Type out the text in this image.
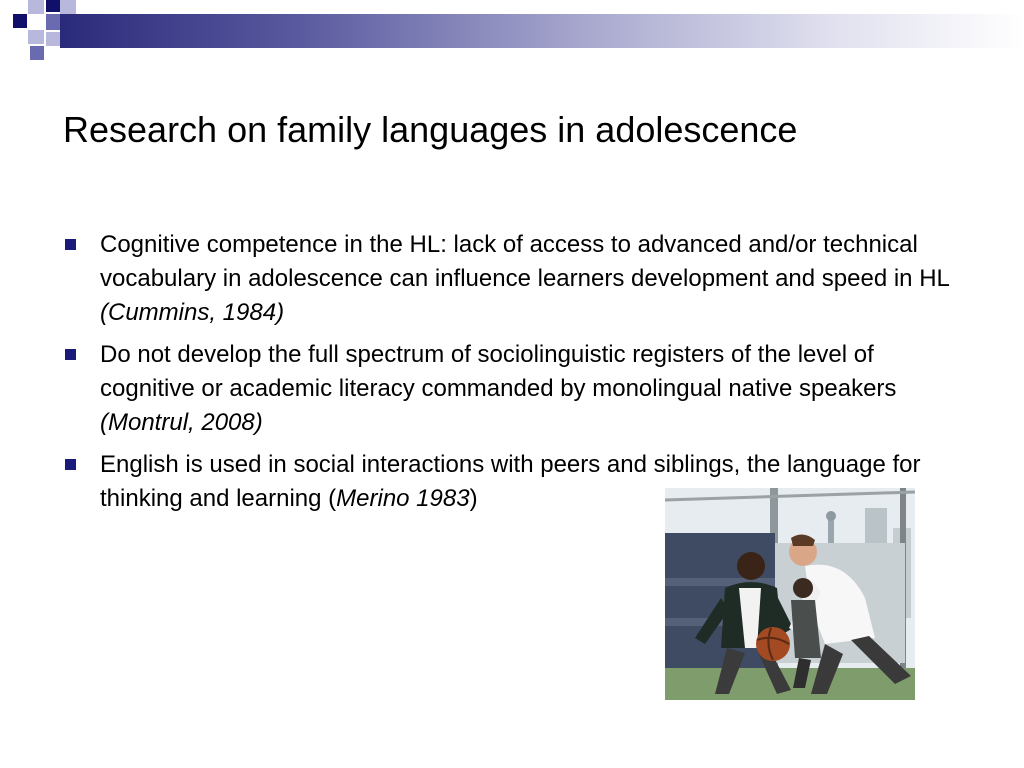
Research on family languages in adolescence
Cognitive competence in the HL: lack of access to advanced and/or technical vocabulary in adolescence can influence learners development and speed in HL (Cummins, 1984)
Do not develop the full spectrum of sociolinguistic registers of the level of cognitive or academic literacy commanded by monolingual native speakers (Montrul, 2008)
English is used in social interactions with peers and siblings, the language for thinking and learning (Merino 1983)
